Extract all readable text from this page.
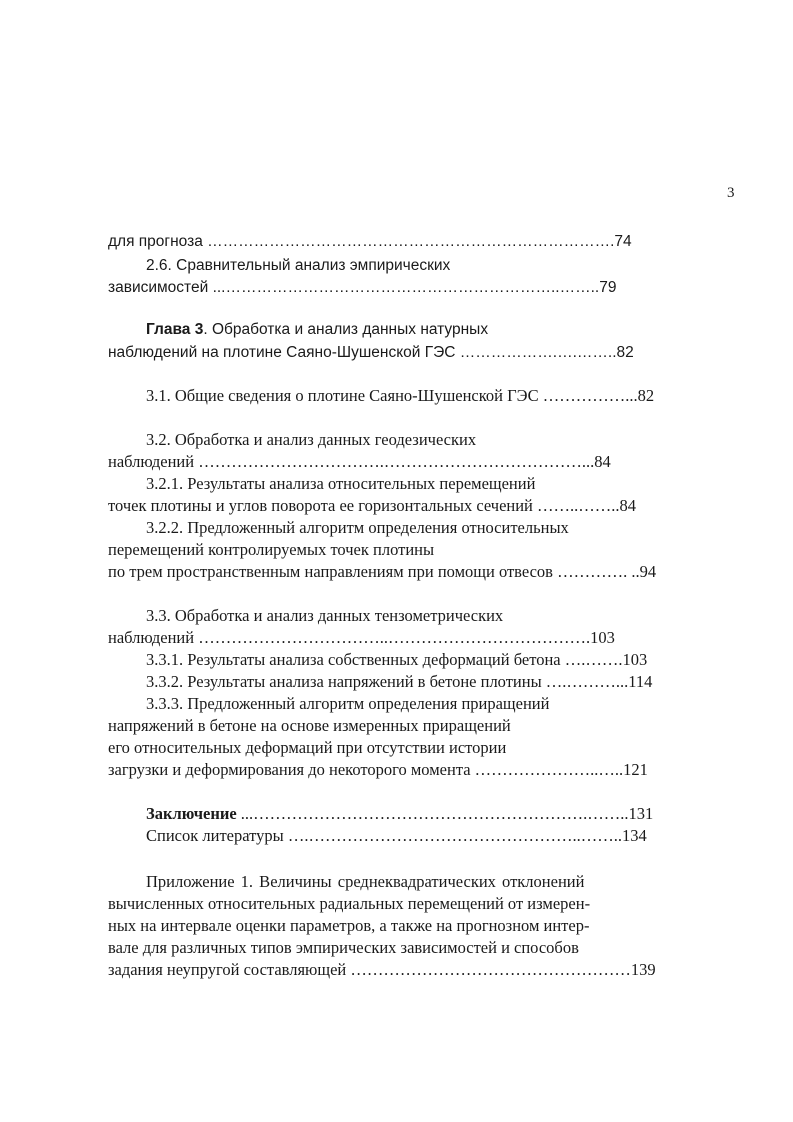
3
для прогноза …………………………………………………………………….74
2.6. Сравнительный анализ эмпирических
зависимостей ...………………………………………………………..……..79
Глава 3. Обработка и анализ данных натурных
наблюдений на плотине Саяно-Шушенской ГЭС ……………….….……..82
3.1. Общие сведения о плотине Саяно-Шушенской ГЭС ……………...82
3.2. Обработка и анализ данных геодезических
наблюдений …………………………….………………………………...84
3.2.1. Результаты анализа относительных перемещений
точек плотины и углов поворота ее горизонтальных сечений ……..……..84
3.2.2. Предложенный алгоритм определения относительных
перемещений контролируемых точек плотины
по трем пространственным направлениям при помощи отвесов …………. ..94
3.3. Обработка и анализ данных тензометрических
наблюдений ……………………………..……………………………….103
3.3.1. Результаты анализа собственных деформаций бетона ….…….103
3.3.2. Результаты анализа напряжений в бетоне плотины ….………...114
3.3.3. Предложенный алгоритм определения приращений
напряжений в бетоне на основе измеренных приращений
его относительных деформаций при отсутствии истории
загрузки и деформирования до некоторого момента …………………..…..121
Заключение ...…………………………………………………….……..131
Список литературы ….…………………………………………..……..134
Приложение 1. Величины среднеквадратических отклонений
вычисленных относительных радиальных перемещений от измерен-
ных на интервале оценки параметров, а также на прогнозном интер-
вале для различных типов эмпирических зависимостей и способов
задания неупругой составляющей ……………………………………………139
